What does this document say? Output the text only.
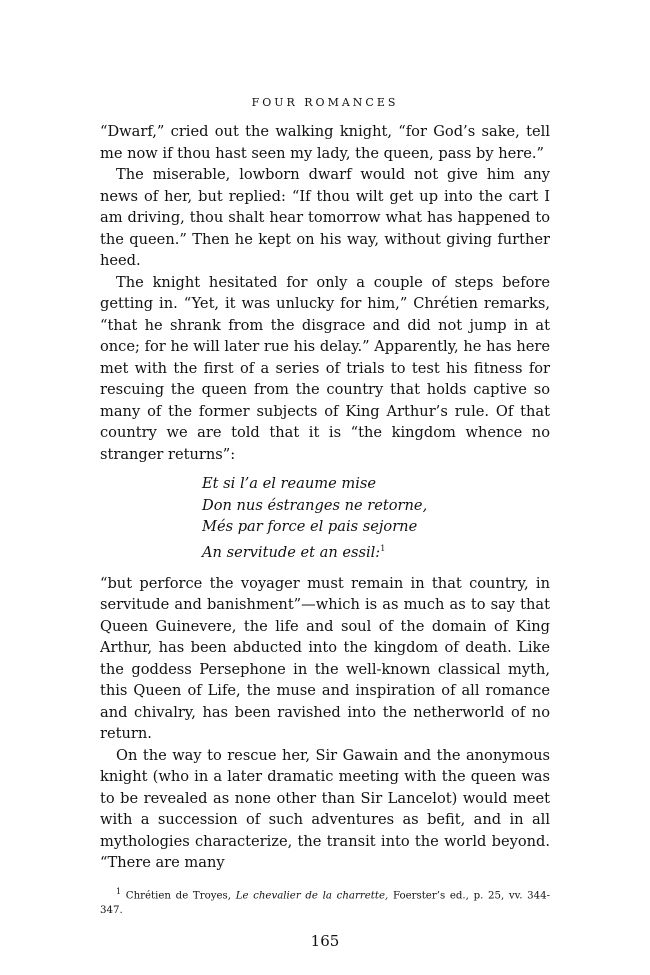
FOUR ROMANCES

“Dwarf,” cried out the walking knight, “for God’s sake, tell me now if thou hast seen my lady, the queen, pass by here.”

The miserable, lowborn dwarf would not give him any news of her, but replied: “If thou wilt get up into the cart I am driving, thou shalt hear tomorrow what has happened to the queen.” Then he kept on his way, without giving further heed.

The knight hesitated for only a couple of steps before getting in. “Yet, it was unlucky for him,” Chrétien remarks, “that he shrank from the disgrace and did not jump in at once; for he will later rue his delay.” Apparently, he has here met with the first of a series of trials to test his fitness for rescuing the queen from the country that holds captive so many of the former subjects of King Arthur’s rule. Of that country we are told that it is “the kingdom whence no stranger returns”:

Et si l’a el reaume mise
Don nus éstranges ne retorne,
Més par force el pais sejorne
An servitude et an essil:$^1$

“but perforce the voyager must remain in that country, in servitude and banishment”—which is as much as to say that Queen Guinevere, the life and soul of the domain of King Arthur, has been abducted into the kingdom of death. Like the goddess Persephone in the well-known classical myth, this Queen of Life, the muse and inspiration of all romance and chivalry, has been ravished into the netherworld of no return.

On the way to rescue her, Sir Gawain and the anonymous knight (who in a later dramatic meeting with the queen was to be revealed as none other than Sir Lancelot) would meet with a succession of such adventures as befit, and in all mythologies characterize, the transit into the world beyond. “There are many

$^1$ Chrétien de Troyes, Le chevalier de la charrette, Foerster’s ed., p. 25, vv. 344-347.

165
